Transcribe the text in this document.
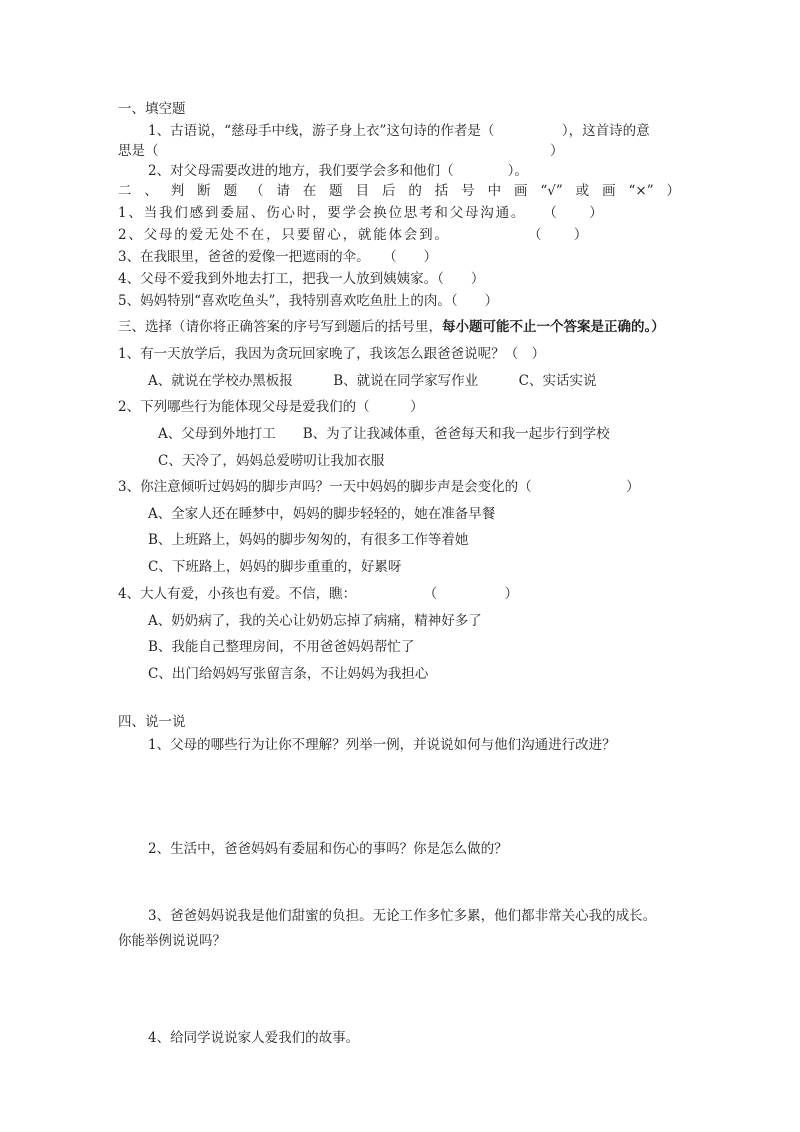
一、填空题
1、古语说，“慈母手中线，游子身上衣”这句诗的作者是（　　　　　），这首诗的意
思是（　　　　　　　　　　　　　　　　　　　　　　　　　　　　　）
2、对父母需要改进的地方，我们要学会多和他们（　　　　）。
二、判断题（请在题目后的括号中画“√”或画“×”）
1、当我们感到委屈、伤心时，要学会换位思考和父母沟通。　　（　　）
2、父母的爱无处不在，只要留心，就能体会到。　　　　　　（　　）
3、在我眼里，爸爸的爱像一把遮雨的伞。　　（　　）
4、父母不爱我到外地去打工，把我一人放到姨姨家。（　　）
5、妈妈特别“喜欢吃鱼头”，我特别喜欢吃鱼肚上的肉。（　　）
三、选择（请你将正确答案的序号写到题后的括号里，每小题可能不止一个答案是正确的。）
1、有一天放学后，我因为贪玩回家晚了，我该怎么跟爸爸说呢？（　）
A、就说在学校办黑板报　　　B、就说在同学家写作业　　　C、实话实说
2、下列哪些行为能体现父母是爱我们的（　　　）
A、父母到外地打工　　B、为了让我减体重，爸爸每天和我一起步行到学校
C、天冷了，妈妈总爱唠叨让我加衣服
3、你注意倾听过妈妈的脚步声吗？一天中妈妈的脚步声是会变化的（　　　　　　　）
A、全家人还在睡梦中，妈妈的脚步轻轻的，她在准备早餐
B、上班路上，妈妈的脚步匆匆的，有很多工作等着她
C、下班路上，妈妈的脚步重重的，好累呀
4、大人有爱，小孩也有爱。不信，瞧：　　　　　　（　　　　　）
A、奶奶病了，我的关心让奶奶忘掉了病痛，精神好多了
B、我能自己整理房间，不用爸爸妈妈帮忙了
C、出门给妈妈写张留言条，不让妈妈为我担心
四、说一说
1、父母的哪些行为让你不理解？列举一例，并说说如何与他们沟通进行改进？
2、生活中，爸爸妈妈有委屈和伤心的事吗？你是怎么做的？
3、爸爸妈妈说我是他们甜蜜的负担。无论工作多忙多累，他们都非常关心我的成长。
你能举例说说吗？
4、给同学说说家人爱我们的故事。
